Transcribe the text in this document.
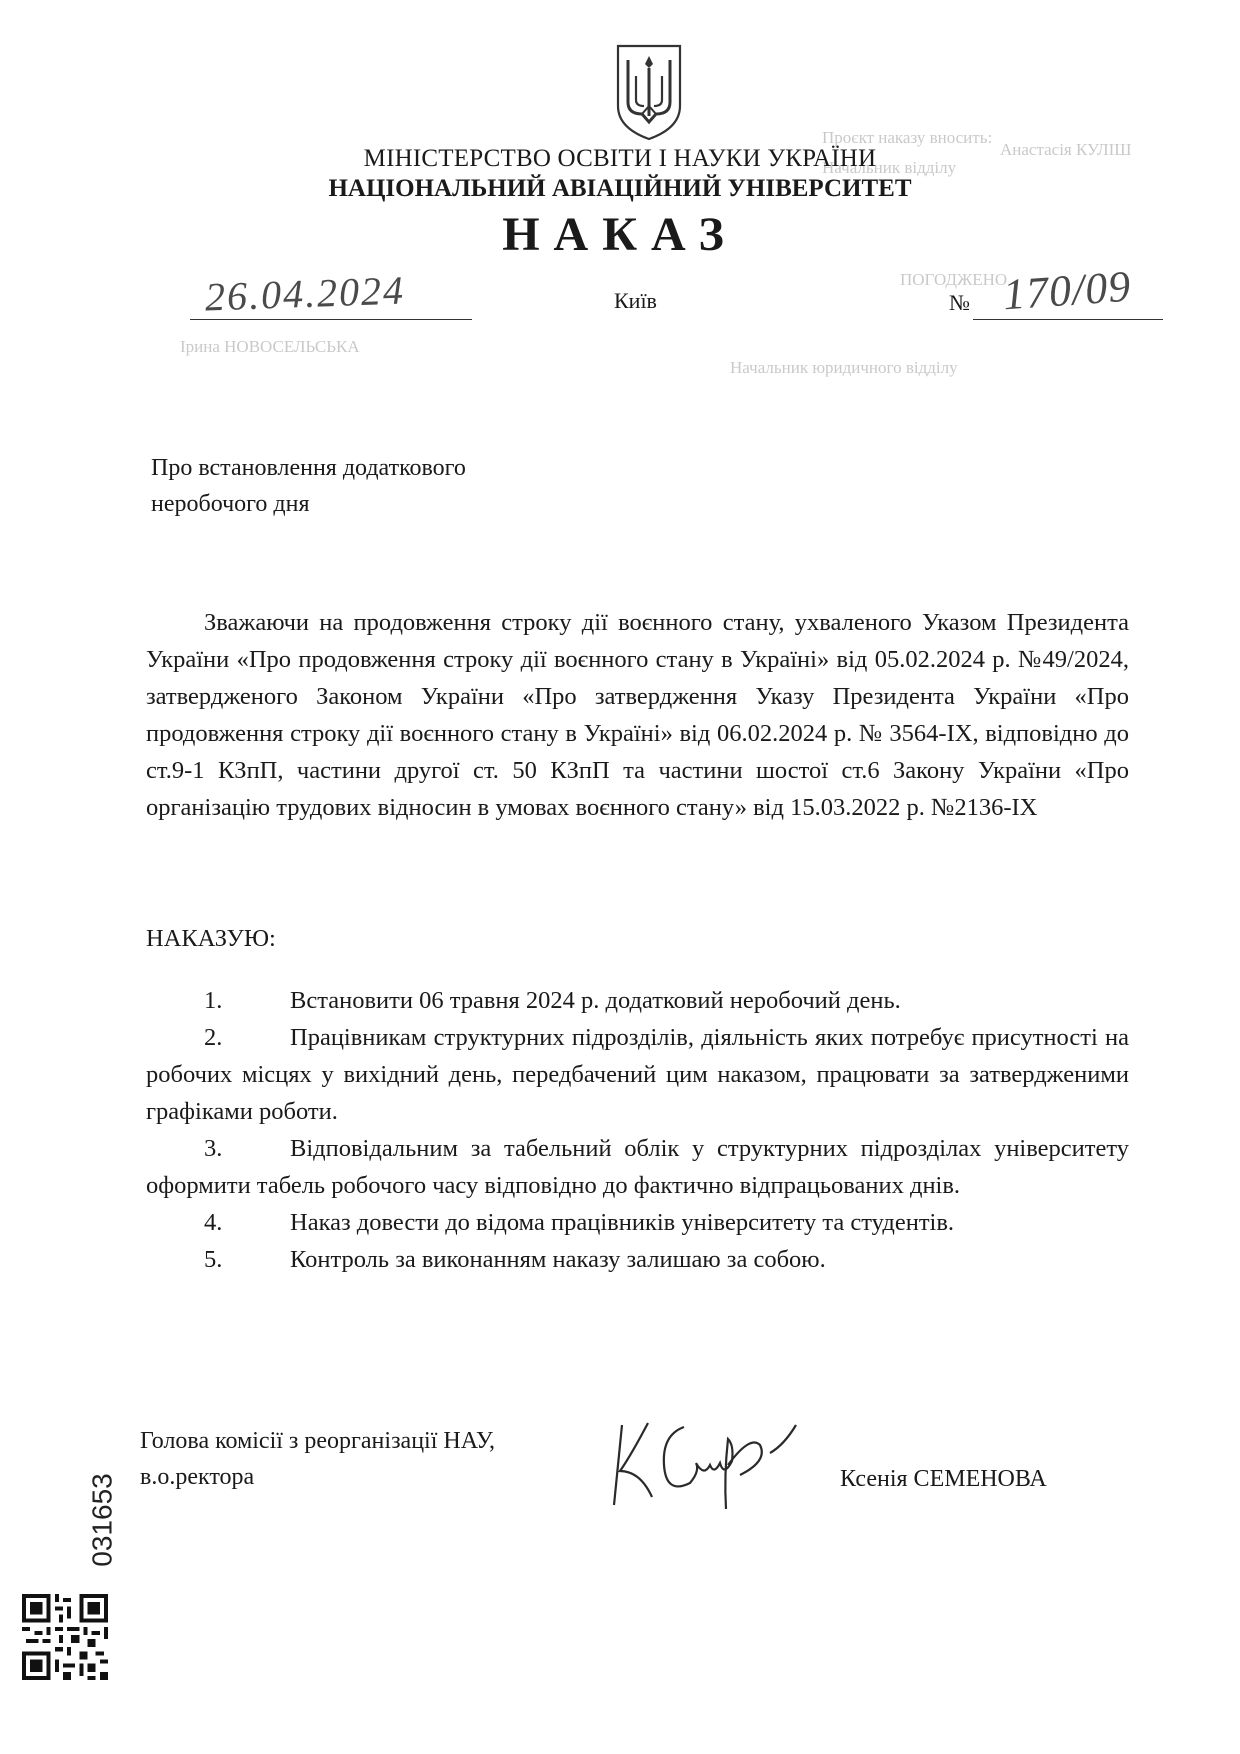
Проєкт наказу вносить:
Начальник відділу
Анастасія КУЛІШ
ПОГОДЖЕНО
Ірина НОВОСЕЛЬСЬКА
Начальник юридичного відділу
МІНІСТЕРСТВО ОСВІТИ І НАУКИ УКРАЇНИ
НАЦІОНАЛЬНИЙ АВІАЦІЙНИЙ УНІВЕРСИТЕТ
НАКАЗ
26.04.2024	Київ	№ 170/09
Про встановлення додаткового
неробочого дня

Зважаючи на продовження строку дії воєнного стану, ухваленого Указом Президента України «Про продовження строку дії воєнного стану в Україні» від 05.02.2024 р. №49/2024, затвердженого Законом України «Про затвердження Указу Президента України «Про продовження строку дії воєнного стану в Україні» від 06.02.2024 р. № 3564-IX, відповідно до ст.9-1 КЗпП, частини другої ст. 50 КЗпП та частини шостої ст.6 Закону України «Про організацію трудових відносин в умовах воєнного стану» від 15.03.2022 р. №2136-IX

НАКАЗУЮ:
1.	Встановити 06 травня 2024 р. додатковий неробочий день.
2.	Працівникам структурних підрозділів, діяльність яких потребує присутності на робочих місцях у вихідний день, передбачений цим наказом, працювати за затвердженими графіками роботи.
3.	Відповідальним за табельний облік у структурних підрозділах університету оформити табель робочого часу відповідно до фактично відпрацьованих днів.
4.	Наказ довести до відома працівників університету та студентів.
5.	Контроль за виконанням наказу залишаю за собою.
Голова комісії з реорганізації НАУ,
в.о.ректора	Ксенія СЕМЕНОВА
031653
